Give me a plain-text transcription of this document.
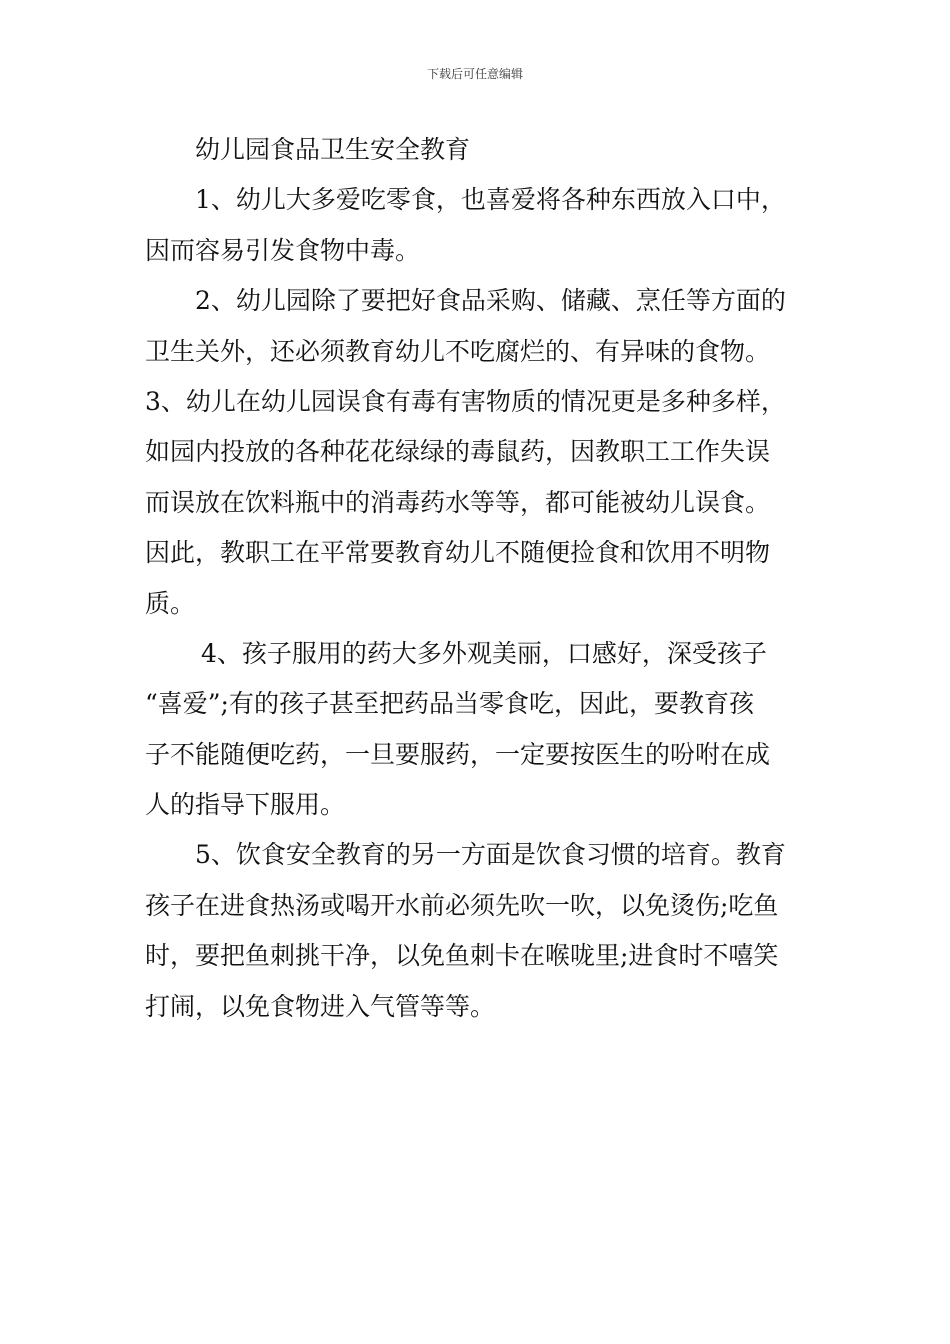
下载后可任意编辑
幼儿园食品卫生安全教育
1、幼儿大多爱吃零食，也喜爱将各种东西放入口中，
因而容易引发食物中毒。
2、幼儿园除了要把好食品采购、储藏、烹任等方面的
卫生关外，还必须教育幼儿不吃腐烂的、有异味的食物。
3、幼儿在幼儿园误食有毒有害物质的情况更是多种多样，
如园内投放的各种花花绿绿的毒鼠药，因教职工工作失误
而误放在饮料瓶中的消毒药水等等，都可能被幼儿误食。
因此，教职工在平常要教育幼儿不随便捡食和饮用不明物
质。
4、孩子服用的药大多外观美丽，口感好，深受孩子
“喜爱”;有的孩子甚至把药品当零食吃，因此，要教育孩
子不能随便吃药，一旦要服药，一定要按医生的吩咐在成
人的指导下服用。
5、饮食安全教育的另一方面是饮食习惯的培育。教育
孩子在进食热汤或喝开水前必须先吹一吹，以免烫伤;吃鱼
时，要把鱼刺挑干净，以免鱼刺卡在喉咙里;进食时不嘻笑
打闹，以免食物进入气管等等。
